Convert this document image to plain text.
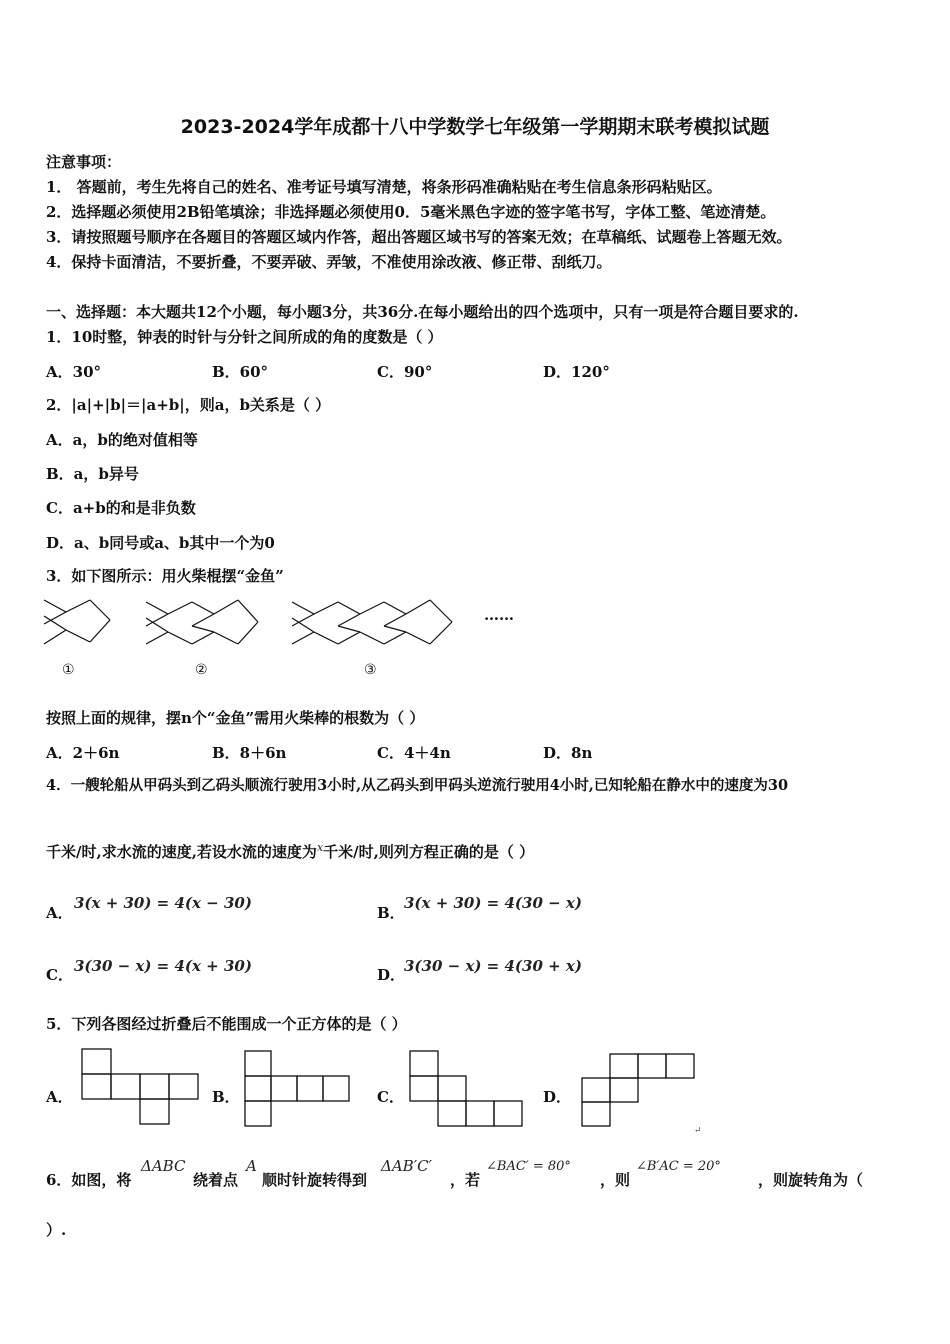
2023-2024学年成都十八中学数学七年级第一学期期末联考模拟试题
注意事项：
1． 答题前，考生先将自己的姓名、准考证号填写清楚，将条形码准确粘贴在考生信息条形码粘贴区。
2．选择题必须使用2B铅笔填涂；非选择题必须使用0．5毫米黑色字迹的签字笔书写，字体工整、笔迹清楚。
3．请按照题号顺序在各题目的答题区域内作答，超出答题区域书写的答案无效；在草稿纸、试题卷上答题无效。
4．保持卡面清洁，不要折叠，不要弄破、弄皱，不准使用涂改液、修正带、刮纸刀。
一、选择题：本大题共12个小题，每小题3分，共36分.在每小题给出的四个选项中，只有一项是符合题目要求的.
1．10时整，钟表的时针与分针之间所成的角的度数是（ ）
A．30°	B．60°	C．90°	D．120°
2．|a|+|b|＝|a+b|，则a，b关系是（ ）
A．a，b的绝对值相等
B．a，b异号
C．a+b的和是非负数
D．a、b同号或a、b其中一个为0
3．如下图所示：用火柴棍摆“金鱼”
①	②	③
……
按照上面的规律，摆n个“金鱼”需用火柴棒的根数为（ ）
A．2＋6n	B．8＋6n	C．4＋4n	D．8n
4．一艘轮船从甲码头到乙码头顺流行驶用3小时,从乙码头到甲码头逆流行驶用4小时,已知轮船在静水中的速度为30
千米/时,求水流的速度,若设水流的速度为$^x$千米/时,则列方程正确的是（ ）
A．
3(x + 30) = 4(x − 30)
B．
3(x + 30) = 4(30 − x)
C． 3(30 − x) = 4(x + 30)	D．
3(30 − x) = 4(30 + x)
5．下列各图经过折叠后不能围成一个正方体的是（ ）
A．	B．	C．	D．
↵
6．如图，将
ΔABC
绕着点
A
顺时针旋转得到
ΔAB′C′
，若
∠BAC′ = 80°
，则
∠B′AC = 20°
，则旋转角为（
）.
